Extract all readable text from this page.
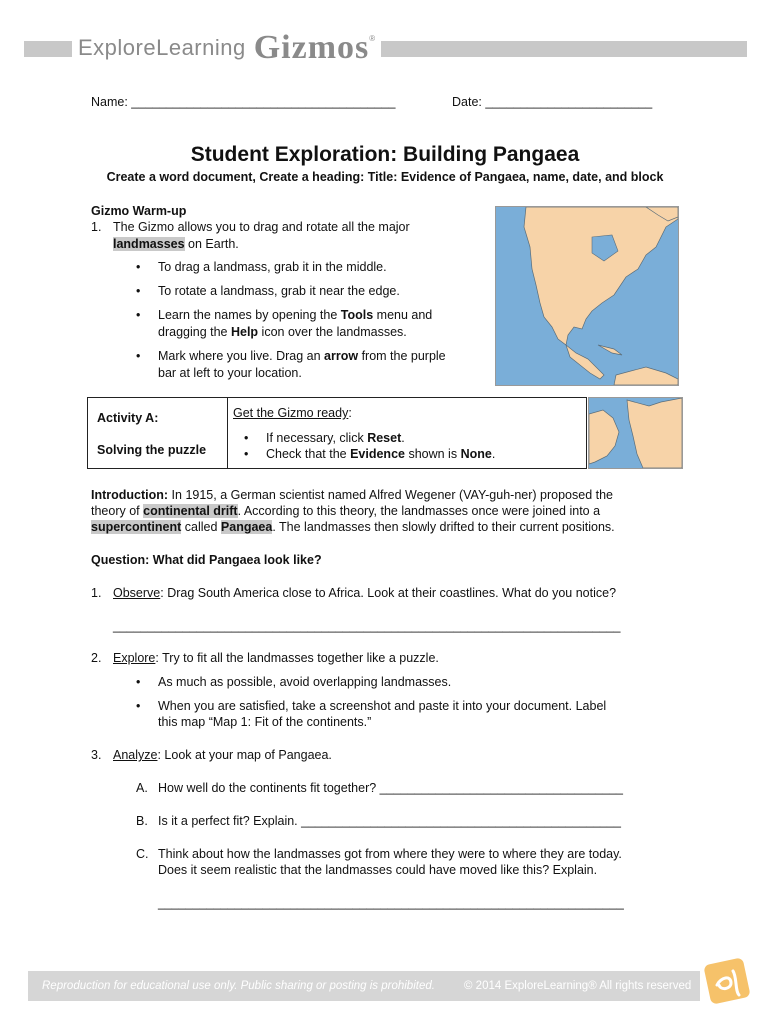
ExploreLearning Gizmos ®
Name: ______________________________________	Date: ________________________
Student Exploration: Building Pangaea
Create a word document, Create a heading: Title: Evidence of Pangaea, name, date, and block
Gizmo Warm-up
1. The Gizmo allows you to drag and rotate all the major
landmasses on Earth.
• To drag a landmass, grab it in the middle.
• To rotate a landmass, grab it near the edge.
• Learn the names by opening the Tools menu and
dragging the Help icon over the landmasses.
• Mark where you live. Drag an arrow from the purple
bar at left to your location.
Activity A:
Solving the puzzle
Get the Gizmo ready:
• If necessary, click Reset.
• Check that the Evidence shown is None.
Introduction: In 1915, a German scientist named Alfred Wegener (VAY-guh-ner) proposed the
theory of continental drift. According to this theory, the landmasses once were joined into a
supercontinent called Pangaea. The landmasses then slowly drifted to their current positions.
Question: What did Pangaea look like?
1. Observe: Drag South America close to Africa. Look at their coastlines. What do you notice?
_________________________________________________________________________
2. Explore: Try to fit all the landmasses together like a puzzle.
• As much as possible, avoid overlapping landmasses.
• When you are satisfied, take a screenshot and paste it into your document. Label
this map “Map 1: Fit of the continents.”
3. Analyze: Look at your map of Pangaea.
A. How well do the continents fit together? ___________________________________
B. Is it a perfect fit? Explain. ______________________________________________
C. Think about how the landmasses got from where they were to where they are today.
Does it seem realistic that the landmasses could have moved like this? Explain.
___________________________________________________________________
Reproduction for educational use only. Public sharing or posting is prohibited.	© 2014 ExploreLearning® All rights reserved
